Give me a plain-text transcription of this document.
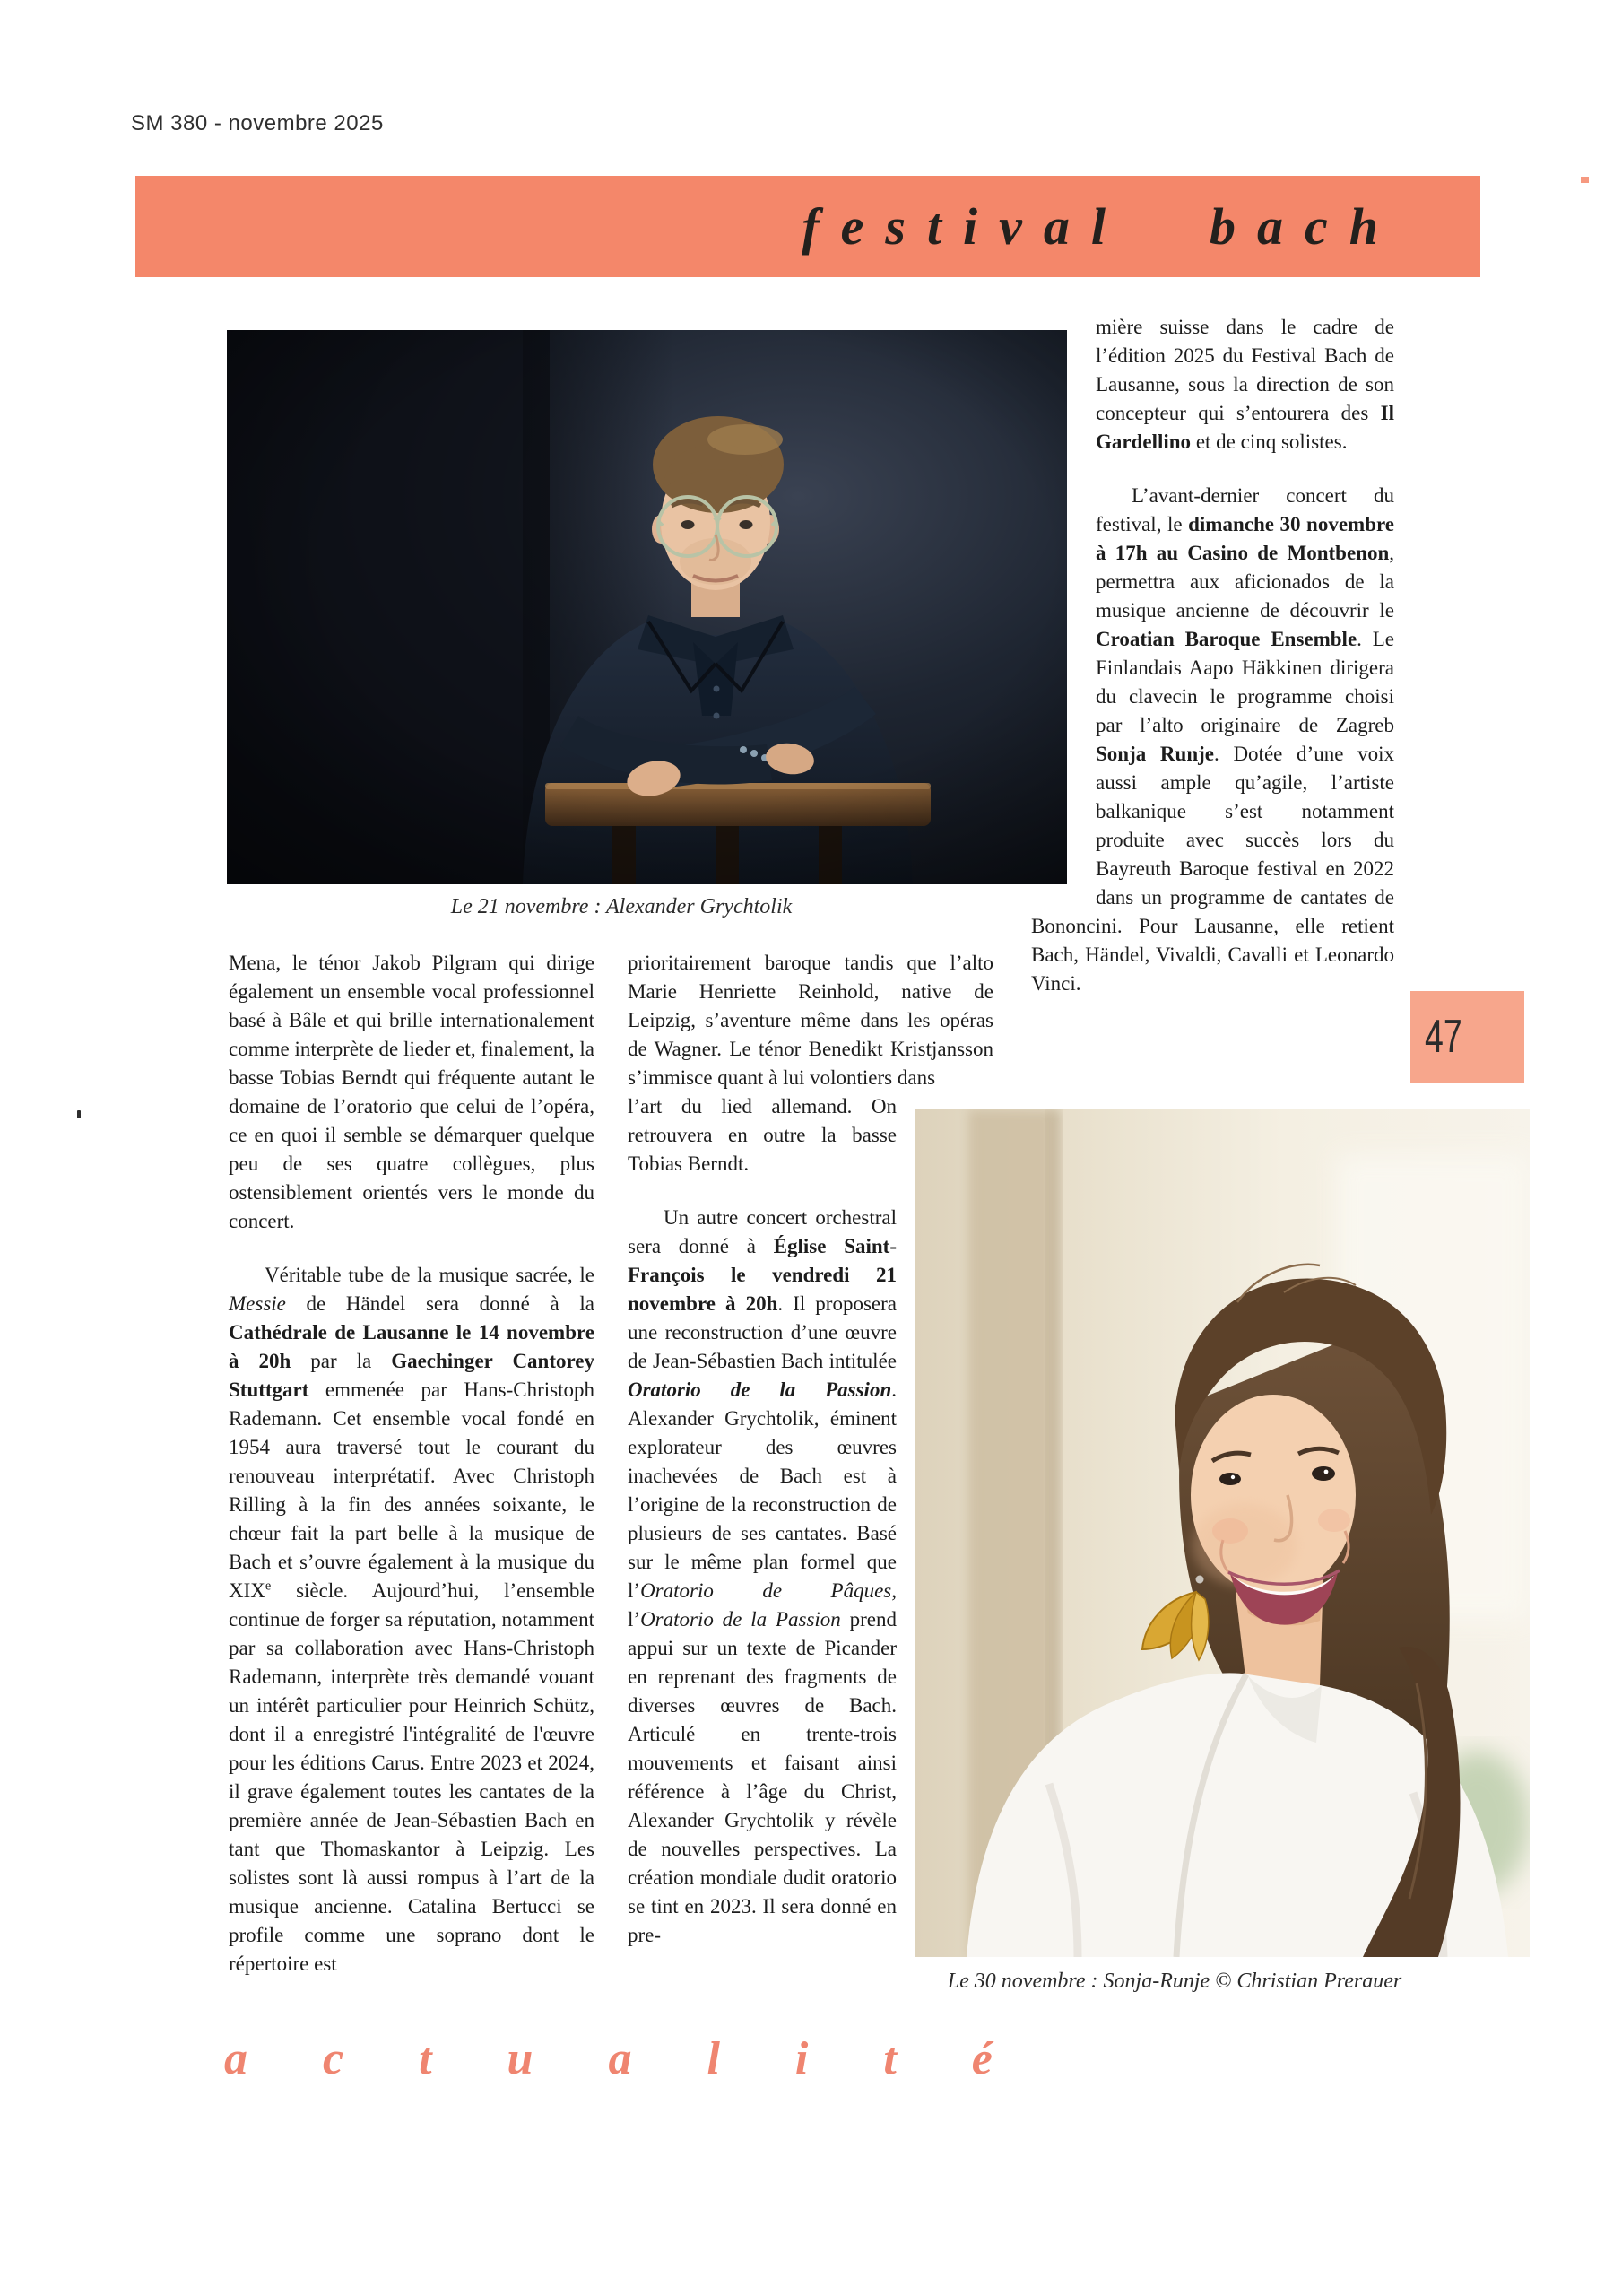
SM 380 - novembre 2025
festival bach
Le 21 novembre : Alexander Grychtolik

mière suisse dans le cadre de l’édition 2025 du Festival Bach de Lausanne, sous la direction de son concepteur qui s’entourera des Il Gardellino et de cinq solistes.

L’avant-dernier concert du festival, le dimanche 30 novembre à 17h au Casino de Montbenon, permettra aux aficionados de la musique ancienne de découvrir le Croatian Baroque Ensemble. Le Finlandais Aapo Häkkinen dirigera du clavecin le programme choisi par l’alto originaire de Zagreb Sonja Runje. Dotée d’une voix aussi ample qu’agile, l’artiste balkanique s’est notamment produite avec succès lors du Bayreuth Baroque festival en 2022 dans un programme de cantates de Bononcini. Pour Lausanne, elle retient Bach, Händel, Vivaldi, Cavalli et Leonardo Vinci.

Mena, le ténor Jakob Pilgram qui dirige également un ensemble vocal professionnel basé à Bâle et qui brille internationalement comme interprète de lieder et, finalement, la basse Tobias Berndt qui fréquente autant le domaine de l’oratorio que celui de l’opéra, ce en quoi il semble se démarquer quelque peu de ses quatre collègues, plus ostensiblement orientés vers le monde du concert.

Véritable tube de la musique sacrée, le Messie de Händel sera donné à la Cathédrale de Lausanne le 14 novembre à 20h par la Gaechinger Cantorey Stuttgart emmenée par Hans-Christoph Rademann. Cet ensemble vocal fondé en 1954 aura traversé tout le courant du renouveau interprétatif. Avec Christoph Rilling à la fin des années soixante, le chœur fait la part belle à la musique de Bach et s’ouvre également à la musique du XIXe siècle. Aujourd’hui, l’ensemble continue de forger sa réputation, notamment par sa collaboration avec Hans-Christoph Rademann, interprète très demandé vouant un intérêt particulier pour Heinrich Schütz, dont il a enregistré l'intégralité de l'œuvre pour les éditions Carus. Entre 2023 et 2024, il grave également toutes les cantates de la première année de Jean-Sébastien Bach en tant que Thomaskantor à Leipzig. Les solistes sont là aussi rompus à l’art de la musique ancienne. Catalina Bertucci se profile comme une soprano dont le répertoire est

prioritairement baroque tandis que l’alto Marie Henriette Reinhold, native de Leipzig, s’aventure même dans les opéras de Wagner. Le ténor Benedikt Kristjansson s’immisce quant à lui volontiers dans

l’art du lied allemand. On retrouvera en outre la basse Tobias Berndt.

Un autre concert orchestral sera donné à Église Saint-François le vendredi 21 novembre à 20h. Il proposera une reconstruction d’une œuvre de Jean-Sébastien Bach intitulée Oratorio de la Passion. Alexander Grychtolik, éminent explorateur des œuvres inachevées de Bach est à l’origine de la reconstruction de plusieurs de ses cantates. Basé sur le même plan formel que l’Oratorio de Pâques, l’Oratorio de la Passion prend appui sur un texte de Picander en reprenant des fragments de diverses œuvres de Bach. Articulé en trente-trois mouvements et faisant ainsi référence à l’âge du Christ, Alexander Grychtolik y révèle de nouvelles perspectives. La création mondiale dudit oratorio se tint en 2023. Il sera donné en pre-

Le 30 novembre : Sonja-Runje © Christian Prerauer
47
actualité
